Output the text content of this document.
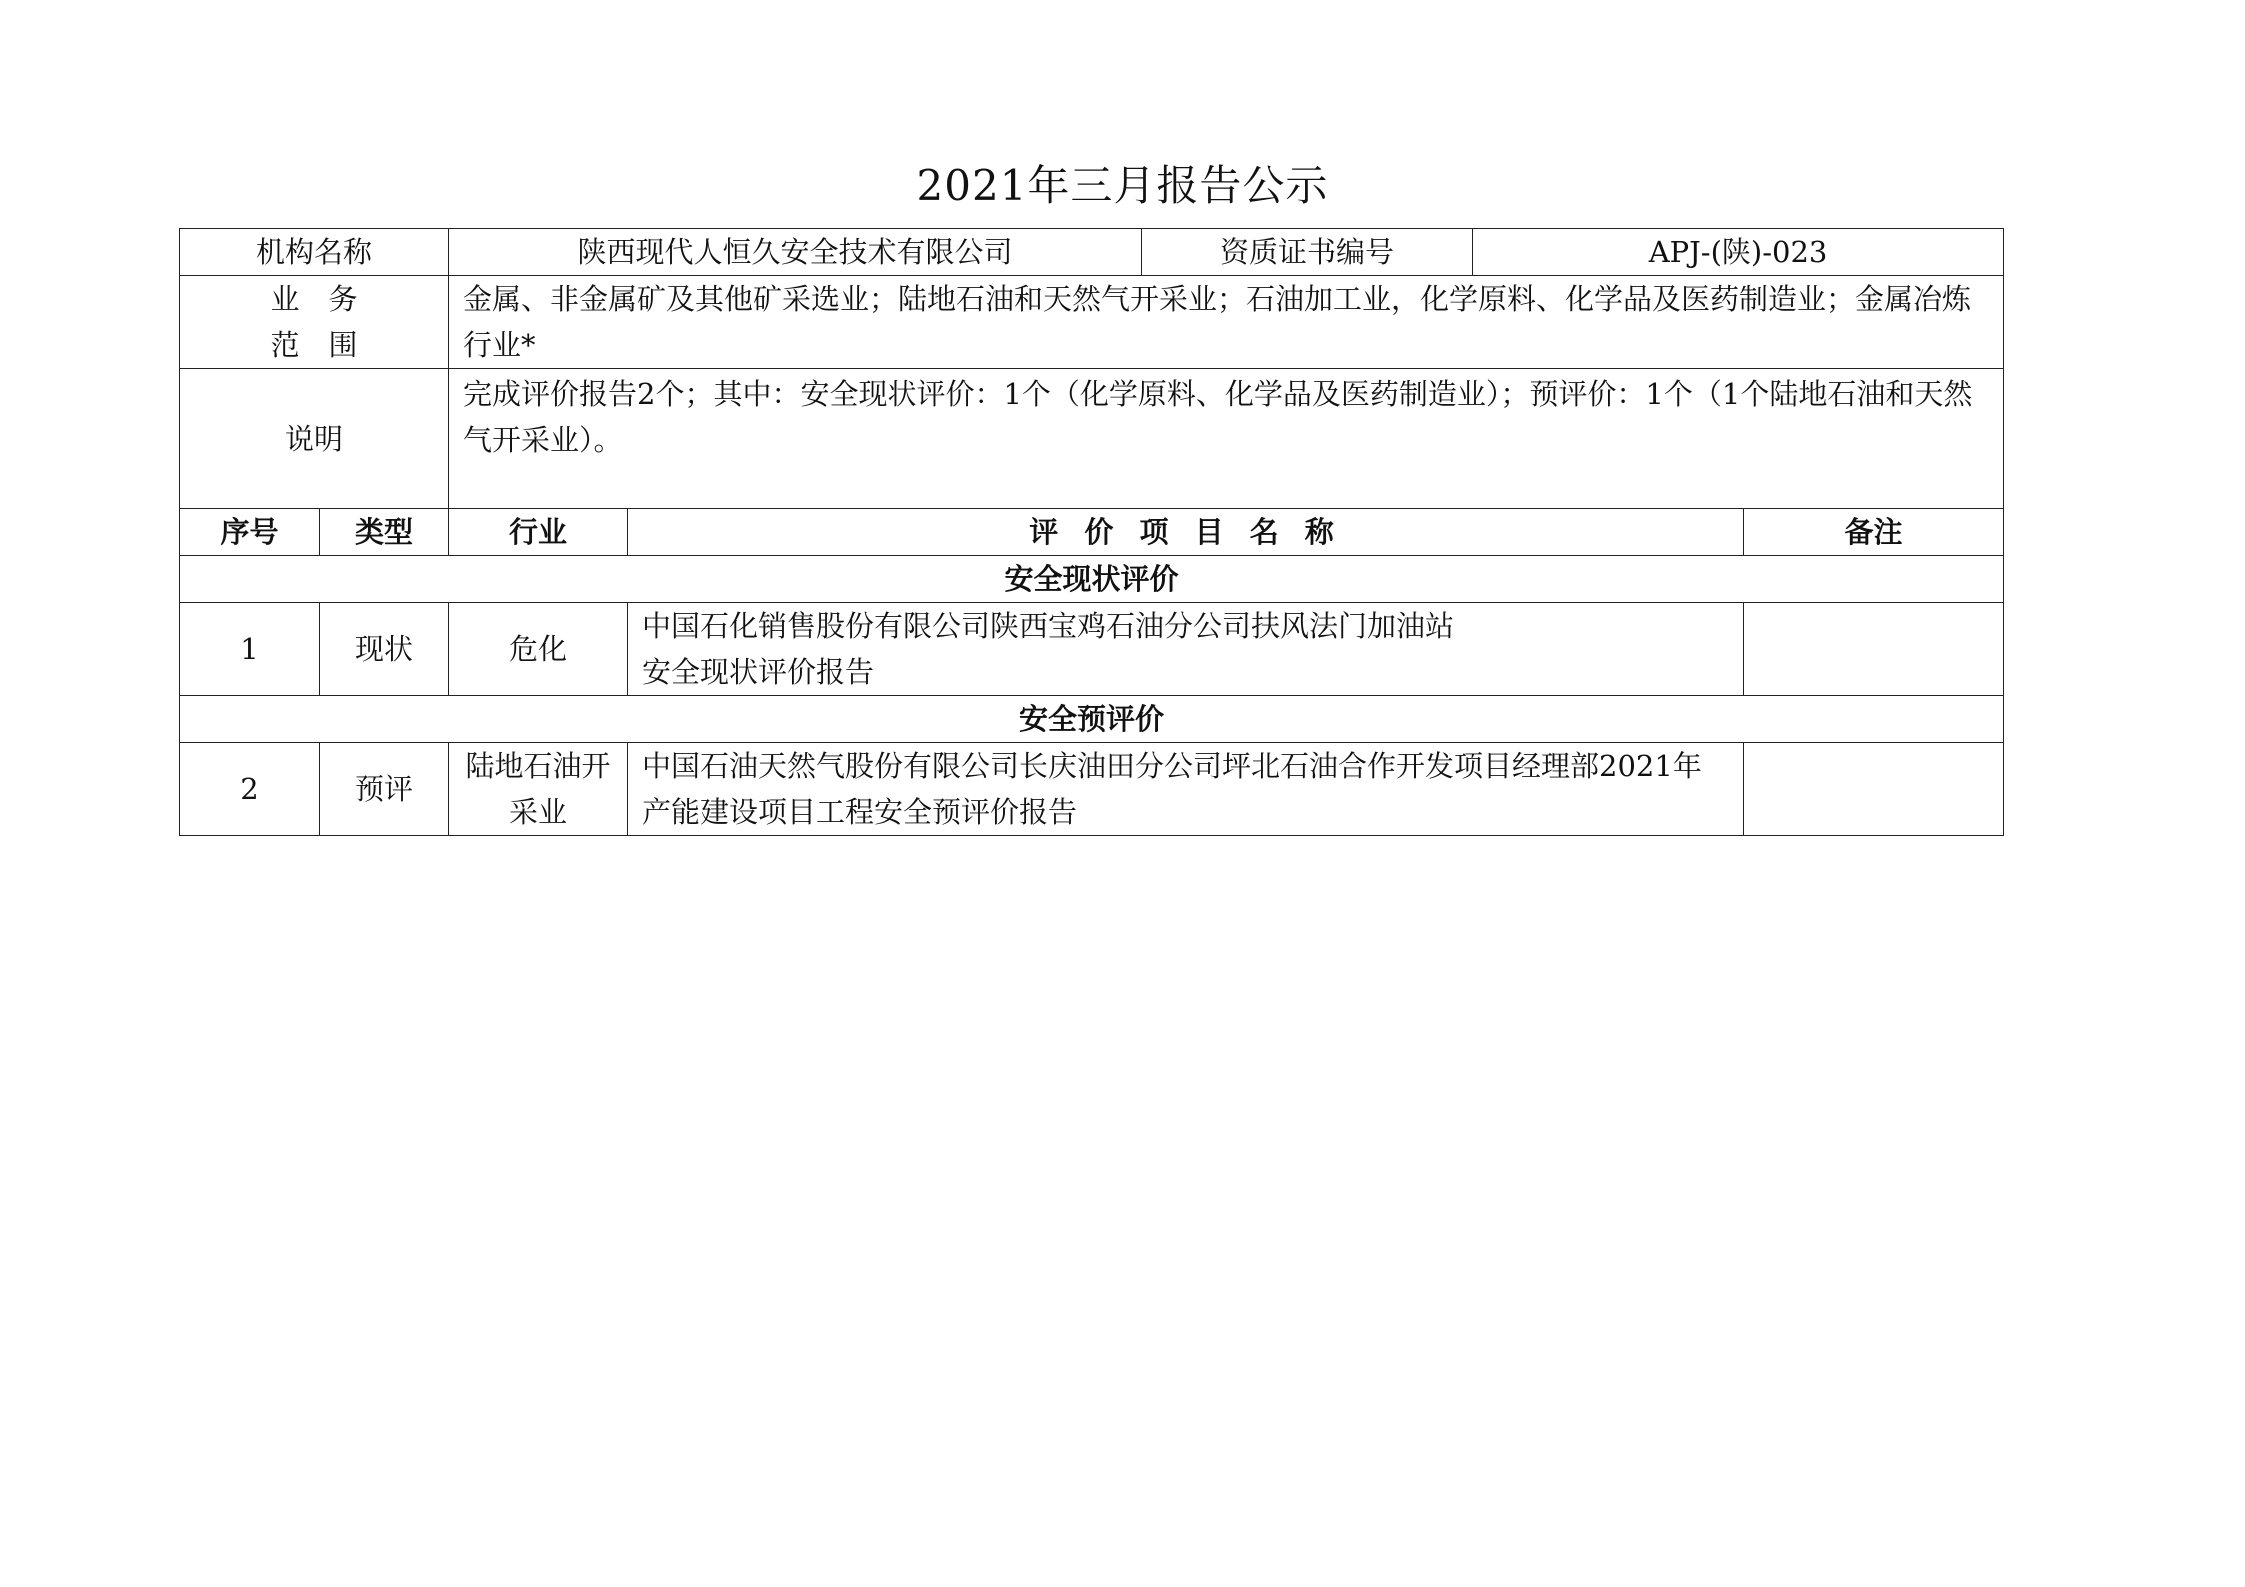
2021年三月报告公示
机构名称		陕西现代人恒久安全技术有限公司		资质证书编号	APJ-(陕)-023	

业　务
范　围		金属、非金属矿及其他矿采选业；陆地石油和天然气开采业；石油加工业，化学原料、化学品及医药制造业；金属冶炼行业*				
说明		完成评价报告2个；其中：安全现状评价：1个（化学原料、化学品及医药制造业）；预评价：1个（1个陆地石油和天然气开采业）。				
序号	类型	行业	评 价 项 目 名 称			备注
安全现状评价						
1	现状	危化	中国石化销售股份有限公司陕西宝鸡石油分公司扶风法门加油站
安全现状评价报告			

安全预评价						
2	预评	陆地石油开采业	中国石油天然气股份有限公司长庆油田分公司坪北石油合作开发项目经理部2021年
产能建设项目工程安全预评价报告			
